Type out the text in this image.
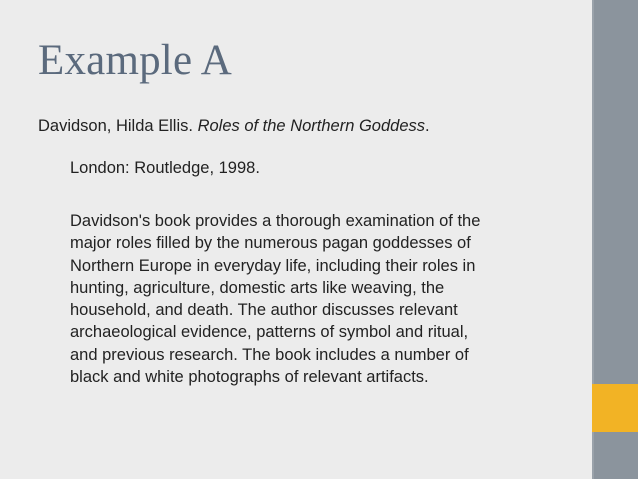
Example A
Davidson, Hilda Ellis. Roles of the Northern Goddess.
London: Routledge, 1998.
Davidson's book provides a thorough examination of the
major roles filled by the numerous pagan goddesses of
Northern Europe in everyday life, including their roles in
hunting, agriculture, domestic arts like weaving, the
household, and death. The author discusses relevant
archaeological evidence, patterns of symbol and ritual,
and previous research. The book includes a number of
black and white photographs of relevant artifacts.
